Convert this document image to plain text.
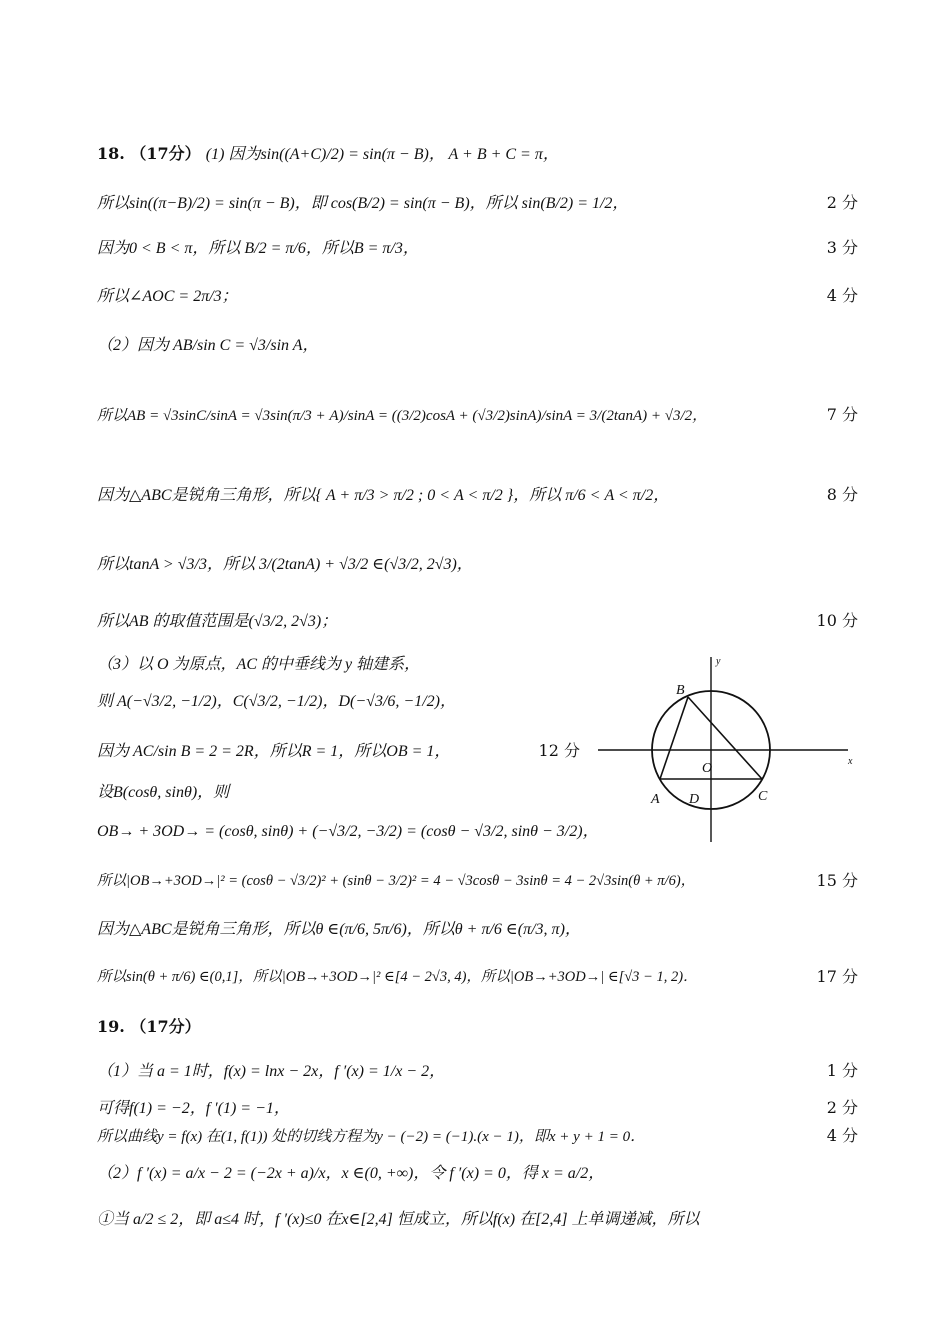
18. （17分） (1) 因为sin((A+C)/2) = sin(π − B)， A + B + C = π，
所以sin((π−B)/2) = sin(π − B)，即 cos(B/2) = sin(π − B)，所以 sin(B/2) = 1/2，	2 分
因为0 < B < π，所以 B/2 = π/6，所以B = π/3，	3 分
所以∠AOC = 2π/3；	4 分
（2）因为 AB/sin C = √3/sin A，
所以AB = √3sinC/sinA = √3sin(π/3 + A)/sinA = ((3/2)cosA + (√3/2)sinA)/sinA = 3/(2tanA) + √3/2，	7 分
因为△ABC是锐角三角形，所以{ A + π/3 > π/2 ; 0 < A < π/2 }，所以 π/6 < A < π/2，	8 分
所以tanA > √3/3，所以 3/(2tanA) + √3/2 ∈(√3/2, 2√3)，
所以AB 的取值范围是(√3/2, 2√3)；	10 分
（3）以 O 为原点，AC 的中垂线为 y 轴建系，
则 A(−√3/2, −1/2)，C(√3/2, −1/2)，D(−√3/6, −1/2)，
因为 AC/sin B = 2 = 2R，所以R = 1，所以OB = 1，	12 分
设B(cosθ, sinθ)，则
OB→ + 3OD→ = (cosθ, sinθ) + (−√3/2, −3/2) = (cosθ − √3/2, sinθ − 3/2)，
所以|OB→+3OD→|² = (cosθ − √3/2)² + (sinθ − 3/2)² = 4 − √3cosθ − 3sinθ = 4 − 2√3sin(θ + π/6)，	15 分
因为△ABC是锐角三角形，所以θ ∈(π/6, 5π/6)，所以θ + π/6 ∈(π/3, π)，
所以sin(θ + π/6) ∈(0,1]，所以|OB→+3OD→|² ∈[4 − 2√3, 4)，所以|OB→+3OD→| ∈[√3 − 1, 2)．	17 分
19. （17分）
（1）当 a = 1时，f(x) = lnx − 2x，f ′(x) = 1/x − 2，	1 分
可得f(1) = −2，f ′(1) = −1，	2 分
所以曲线y = f(x) 在(1, f(1)) 处的切线方程为y − (−2) = (−1).(x − 1)，即x + y + 1 = 0．	4 分
（2）f ′(x) = a/x − 2 = (−2x + a)/x，x ∈(0, +∞)，令 f ′(x) = 0，得 x = a/2，
①当 a/2 ≤ 2，即 a≤4 时，f ′(x)≤0 在x∈[2,4] 恒成立，所以f(x) 在[2,4] 上单调递减，所以
y
x
B
O
A D	C
